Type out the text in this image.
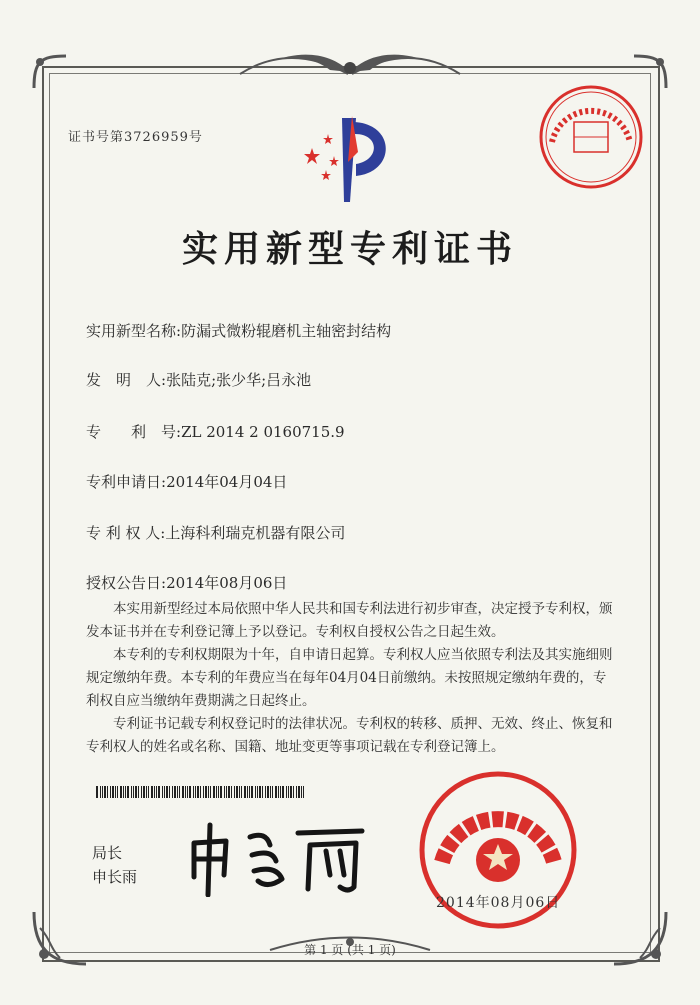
证书号第3726959号
实用新型专利证书
实用新型名称:防漏式微粉辊磨机主轴密封结构
发　明　人:张陆克;张少华;吕永池
专　　利　号:ZL 2014 2 0160715.9
专利申请日:2014年04月04日
专 利 权 人:上海科利瑞克机器有限公司
授权公告日:2014年08月06日

本实用新型经过本局依照中华人民共和国专利法进行初步审查，决定授予专利权，颁发本证书并在专利登记簿上予以登记。专利权自授权公告之日起生效。

本专利的专利权期限为十年，自申请日起算。专利权人应当依照专利法及其实施细则规定缴纳年费。本专利的年费应当在每年04月04日前缴纳。未按照规定缴纳年费的，专利权自应当缴纳年费期满之日起终止。

专利证书记载专利权登记时的法律状况。专利权的转移、质押、无效、终止、恢复和专利权人的姓名或名称、国籍、地址变更等事项记载在专利登记簿上。

局长
申长雨
2014年08月06日
第 1 页 (共 1 页)
